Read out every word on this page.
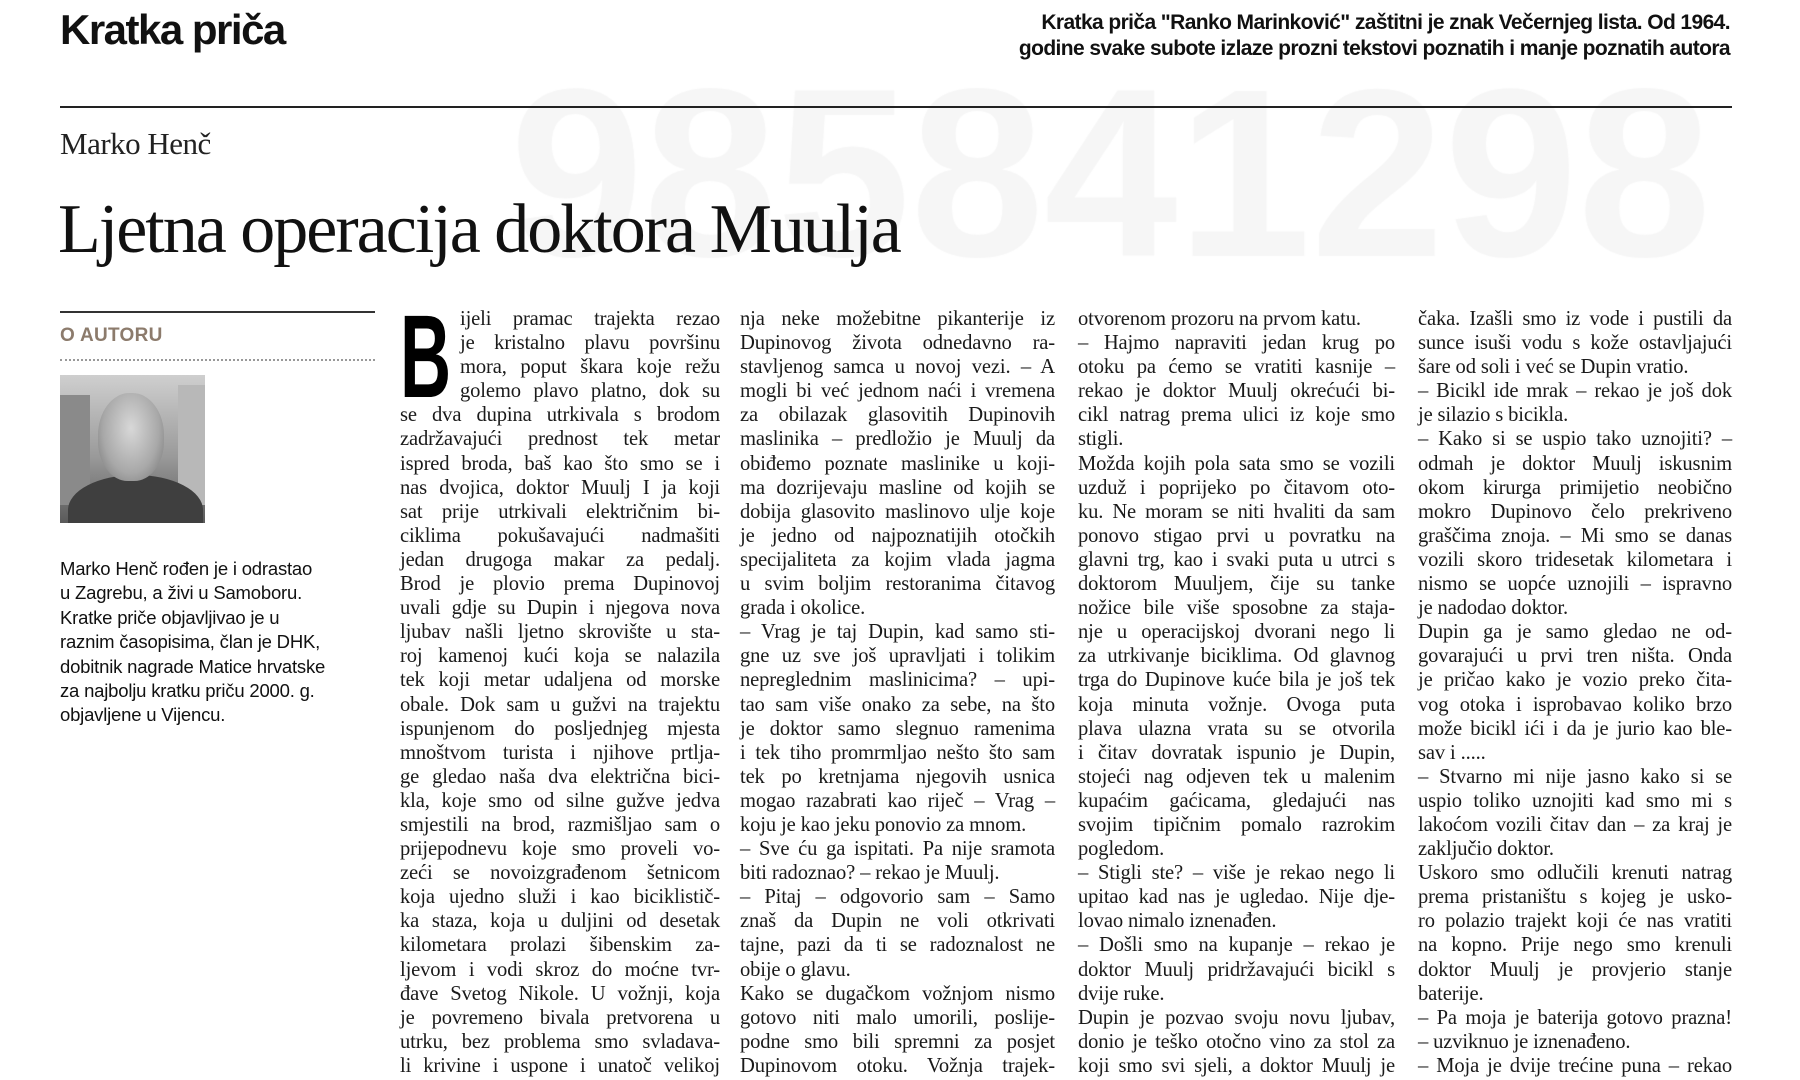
Kratka priča	Kratka priča "Ranko Marinković" zaštitni je znak Večernjeg lista. Od 1964.
godine svake subote izlaze prozni tekstovi poznatih i manje poznatih autora
Marko Henč
Ljetna operacija doktora Muulja
O AUTORU
Marko Henč rođen je i odrastao
u Zagrebu, a živi u Samoboru.
Kratke priče objavljivao je u
raznim časopisima, član je DHK,
dobitnik nagrade Matice hrvatske
za najbolju kratku priču 2000. g.
objavljene u Vijencu.
B ijeli pramac trajekta rezao
je kristalno plavu površinu
mora, poput škara koje režu
golemo plavo platno, dok su
se dva dupina utrkivala s brodom
zadržavajući prednost tek metar
ispred broda, baš kao što smo se i
nas dvojica, doktor Muulj I ja koji
sat prije utrkivali električnim bi-
ciklima pokušavajući nadmašiti
jedan drugoga makar za pedalj.
Brod je plovio prema Dupinovoj
uvali gdje su Dupin i njegova nova
ljubav našli ljetno skrovište u sta-
roj kamenoj kući koja se nalazila
tek koji metar udaljena od morske
obale. Dok sam u gužvi na trajektu
ispunjenom do posljednjeg mjesta
mnoštvom turista i njihove prtlja-
ge gledao naša dva električna bici-
kla, koje smo od silne gužve jedva
smjestili na brod, razmišljao sam o
prijepodnevu koje smo proveli vo-
zeći se novoizgrađenom šetnicom
koja ujedno služi i kao biciklistič-
ka staza, koja u duljini od desetak
kilometara prolazi šibenskim za-
ljevom i vodi skroz do moćne tvr-
đave Svetog Nikole. U vožnji, koja
je povremeno bivala pretvorena u
utrku, bez problema smo svladava-
li krivine i uspone i unatoč velikoj
nja neke možebitne pikanterije iz
Dupinovog života odnedavno ra-
stavljenog samca u novoj vezi. – A
mogli bi već jednom naći i vremena
za obilazak glasovitih Dupinovih
maslinika – predložio je Muulj da
obiđemo poznate maslinike u koji-
ma dozrijevaju masline od kojih se
dobija glasovito maslinovo ulje koje
je jedno od najpoznatijih otočkih
specijaliteta za kojim vlada jagma
u svim boljim restoranima čitavog
grada i okolice.
– Vrag je taj Dupin, kad samo sti-
gne uz sve još upravljati i tolikim
nepreglednim maslinicima? – upi-
tao sam više onako za sebe, na što
je doktor samo slegnuo ramenima
i tek tiho promrmljao nešto što sam
tek po kretnjama njegovih usnica
mogao razabrati kao riječ – Vrag –
koju je kao jeku ponovio za mnom.
– Sve ću ga ispitati. Pa nije sramota
biti radoznao? – rekao je Muulj.
– Pitaj – odgovorio sam – Samo
znaš da Dupin ne voli otkrivati
tajne, pazi da ti se radoznalost ne
obije o glavu.
Kako se dugačkom vožnjom nismo
gotovo niti malo umorili, poslije-
podne smo bili spremni za posjet
Dupinovom otoku. Vožnja trajek-
otvorenom prozoru na prvom katu.
– Hajmo napraviti jedan krug po
otoku pa ćemo se vratiti kasnije –
rekao je doktor Muulj okrećući bi-
cikl natrag prema ulici iz koje smo
stigli.
Možda kojih pola sata smo se vozili
uzduž i poprijeko po čitavom oto-
ku. Ne moram se niti hvaliti da sam
ponovo stigao prvi u povratku na
glavni trg, kao i svaki puta u utrci s
doktorom Muuljem, čije su tanke
nožice bile više sposobne za staja-
nje u operacijskoj dvorani nego li
za utrkivanje biciklima. Od glavnog
trga do Dupinove kuće bila je još tek
koja minuta vožnje. Ovoga puta
plava ulazna vrata su se otvorila
i čitav dovratak ispunio je Dupin,
stojeći nag odjeven tek u malenim
kupaćim gaćicama, gledajući nas
svojim tipičnim pomalo razrokim
pogledom.
– Stigli ste? – više je rekao nego li
upitao kad nas je ugledao. Nije dje-
lovao nimalo iznenađen.
– Došli smo na kupanje – rekao je
doktor Muulj pridržavajući bicikl s
dvije ruke.
Dupin je pozvao svoju novu ljubav,
donio je teško otočno vino za stol za
koji smo svi sjeli, a doktor Muulj je
čaka. Izašli smo iz vode i pustili da
sunce isuši vodu s kože ostavljajući
šare od soli i već se Dupin vratio.
– Bicikl ide mrak – rekao je još dok
je silazio s bicikla.
– Kako si se uspio tako uznojiti? –
odmah je doktor Muulj iskusnim
okom kirurga primijetio neobično
mokro Dupinovo čelo prekriveno
graščima znoja. – Mi smo se danas
vozili skoro tridesetak kilometara i
nismo se uopće uznojili – ispravno
je nadodao doktor.
Dupin ga je samo gledao ne od-
govarajući u prvi tren ništa. Onda
je pričao kako je vozio preko čita-
vog otoka i isprobavao koliko brzo
može bicikl ići i da je jurio kao ble-
sav i .....
– Stvarno mi nije jasno kako si se
uspio toliko uznojiti kad smo mi s
lakoćom vozili čitav dan – za kraj je
zaključio doktor.
Uskoro smo odlučili krenuti natrag
prema pristaništu s kojeg je usko-
ro polazio trajekt koji će nas vratiti
na kopno. Prije nego smo krenuli
doktor Muulj je provjerio stanje
baterije.
– Pa moja je baterija gotovo prazna!
– uzviknuo je iznenađeno.
– Moja je dvije trećine puna – rekao
